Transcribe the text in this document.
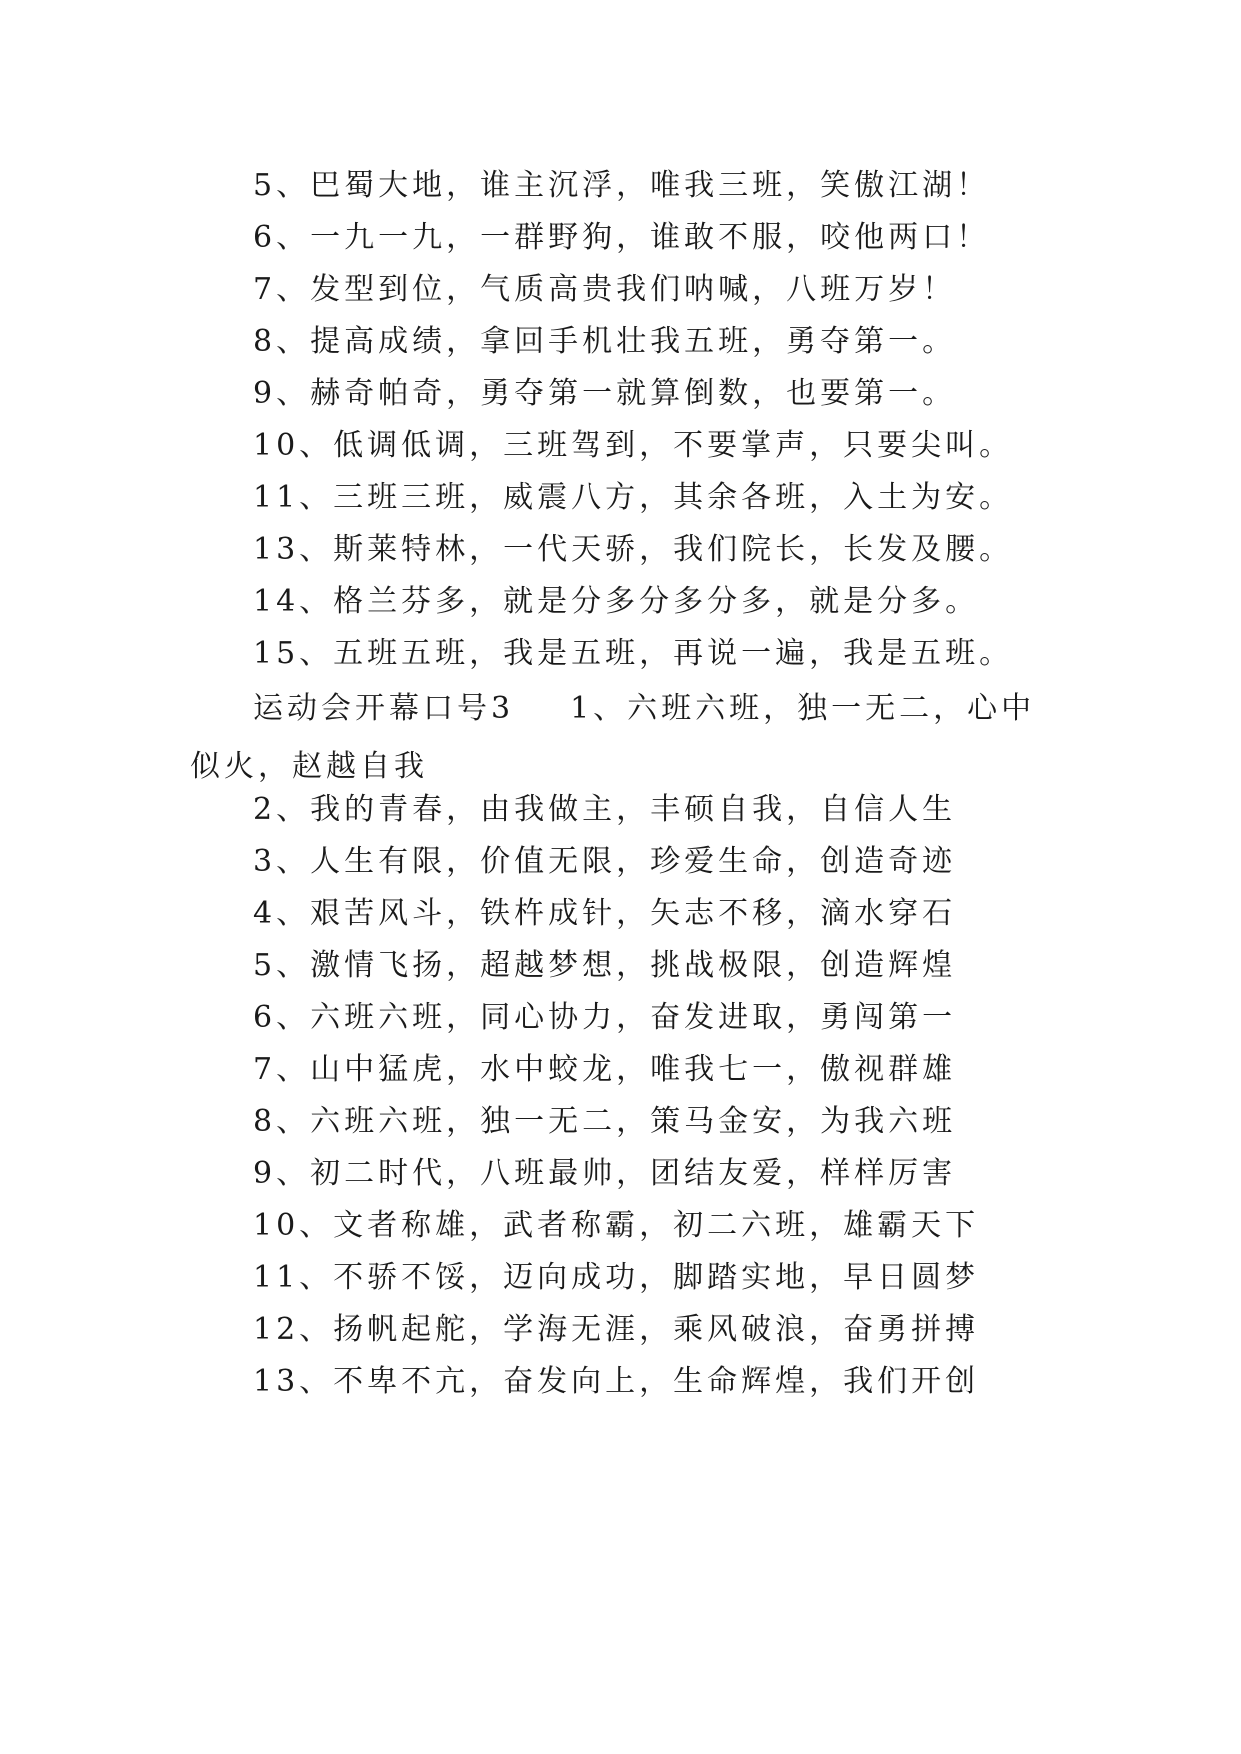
5、巴蜀大地，谁主沉浮，唯我三班，笑傲江湖！
6、一九一九，一群野狗，谁敢不服，咬他两口！
7、发型到位，气质高贵我们呐喊，八班万岁！
8、提高成绩，拿回手机壮我五班，勇夺第一。
9、赫奇帕奇，勇夺第一就算倒数，也要第一。
10、低调低调，三班驾到，不要掌声，只要尖叫。
11、三班三班，威震八方，其余各班，入土为安。
13、斯莱特林，一代天骄，我们院长，长发及腰。
14、格兰芬多，就是分多分多分多，就是分多。
15、五班五班，我是五班，再说一遍，我是五班。
运动会开幕口号3 1、六班六班，独一无二，心中似火，赵越自我
2、我的青春，由我做主，丰硕自我，自信人生
3、人生有限，价值无限，珍爱生命，创造奇迹
4、艰苦风斗，铁杵成针，矢志不移，滴水穿石
5、激情飞扬，超越梦想，挑战极限，创造辉煌
6、六班六班，同心协力，奋发进取，勇闯第一
7、山中猛虎，水中蛟龙，唯我七一，傲视群雄
8、六班六班，独一无二，策马金安，为我六班
9、初二时代，八班最帅，团结友爱，样样厉害
10、文者称雄，武者称霸，初二六班，雄霸天下
11、不骄不馁，迈向成功，脚踏实地，早日圆梦
12、扬帆起舵，学海无涯，乘风破浪，奋勇拼搏
13、不卑不亢，奋发向上，生命辉煌，我们开创
